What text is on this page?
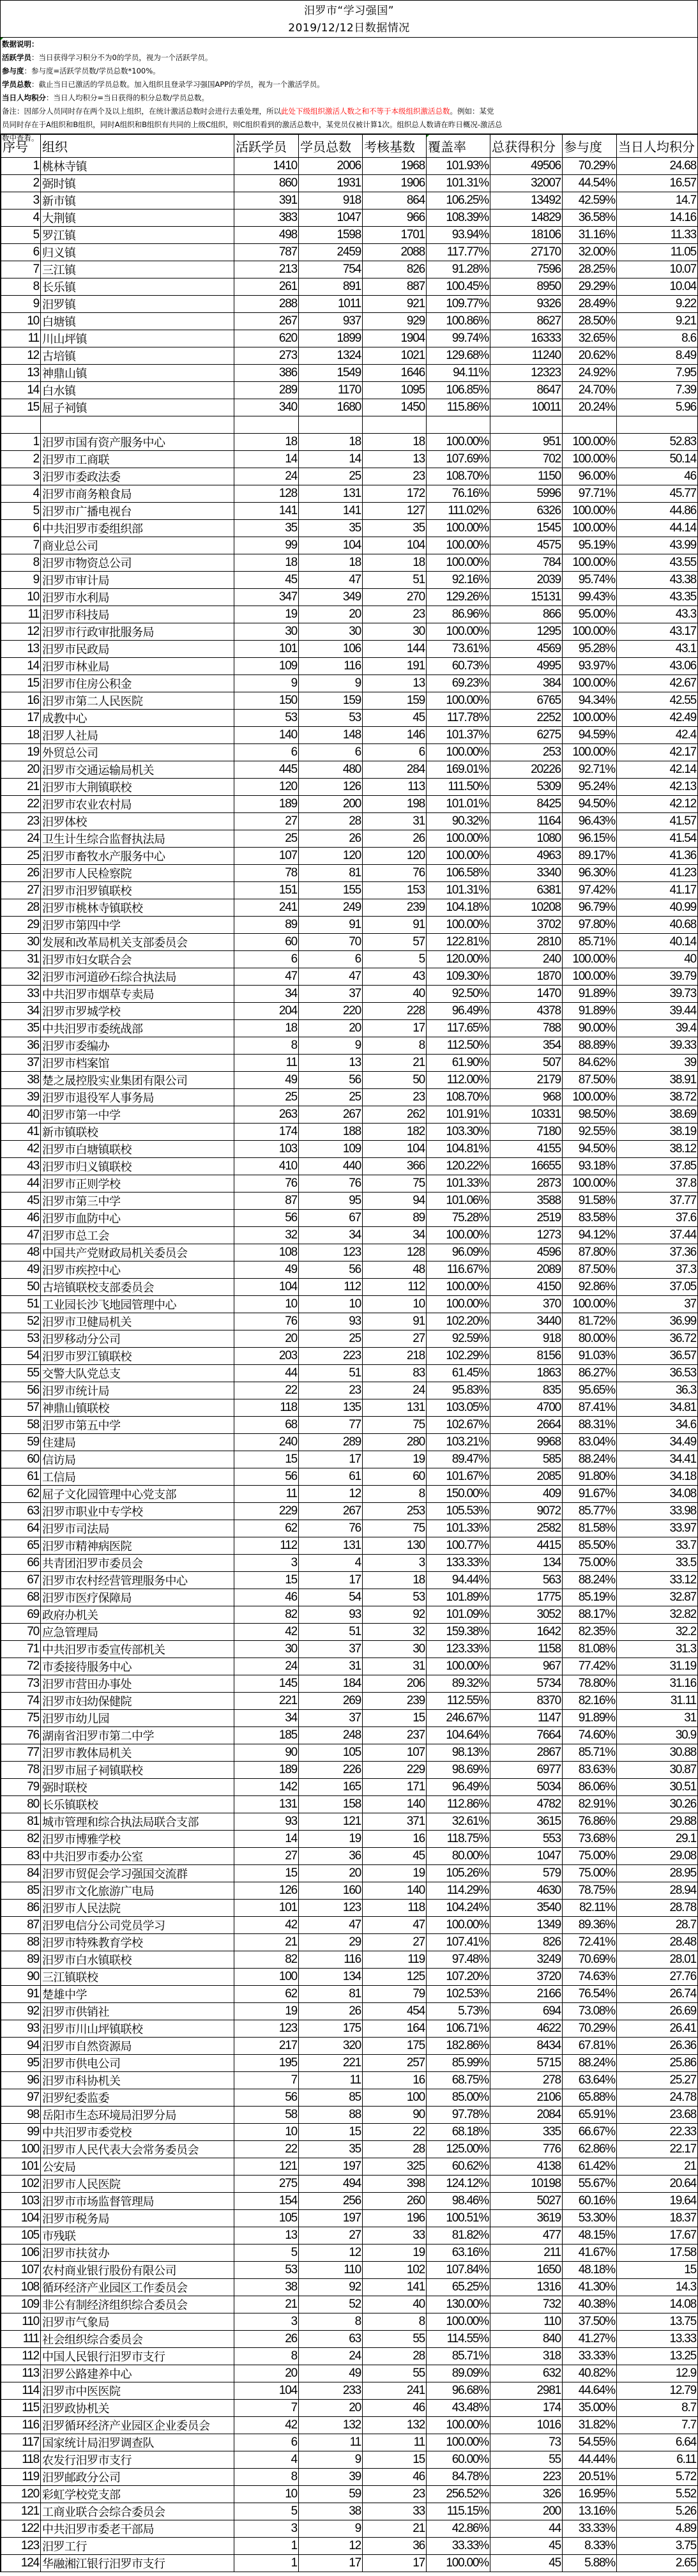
汨罗市“学习强国”
2019/12/12日数据情况
数据说明：
活跃学员：当日获得学习积分不为0的学员，视为一个活跃学员。
参与度：参与度=活跃学员数/学员总数*100%。
学员总数：截止当日已激活的学员总数。加入组织且登录学习强国APP的学员，视为一个激活学员。
当日人均积分：当日人均积分=当日获得的积分总数/学员总数。
备注：因部分人员同时存在两个及以上组织，在统计激活总数时会进行去重处理，所以此处下级组织激活人数之和不等于本级组织激活总数。例如：某党
员同时存在于A组织和B组织，同时A组织和B组织有共同的上级C组织，则C组织看到的激活总数中，某党员仅被计算1次。组织总人数请在昨日概况-激活总
数中查看。
序号	组织	活跃学员	学员总数	考核基数	覆盖率	总获得积分	参与度	当日人均积分
1	桃林寺镇	1410	2006	1968	101.93%	49506	70.29%	24.68
2	弼时镇	860	1931	1906	101.31%	32007	44.54%	16.57
3	新市镇	391	918	864	106.25%	13492	42.59%	14.7
4	大荆镇	383	1047	966	108.39%	14829	36.58%	14.16
5	罗江镇	498	1598	1701	93.94%	18106	31.16%	11.33
6	归义镇	787	2459	2088	117.77%	27170	32.00%	11.05
7	三江镇	213	754	826	91.28%	7596	28.25%	10.07
8	长乐镇	261	891	887	100.45%	8950	29.29%	10.04
9	汨罗镇	288	1011	921	109.77%	9326	28.49%	9.22
10	白塘镇	267	937	929	100.86%	8627	28.50%	9.21
11	川山坪镇	620	1899	1904	99.74%	16333	32.65%	8.6
12	古培镇	273	1324	1021	129.68%	11240	20.62%	8.49
13	神鼎山镇	386	1549	1646	94.11%	12323	24.92%	7.95
14	白水镇	289	1170	1095	106.85%	8647	24.70%	7.39
15	屈子祠镇	340	1680	1450	115.86%	10011	20.24%	5.96

1	汨罗市国有资产服务中心	18	18	18	100.00%	951	100.00%	52.83
2	汨罗市工商联	14	14	13	107.69%	702	100.00%	50.14
3	汨罗市委政法委	24	25	23	108.70%	1150	96.00%	46
4	汨罗市商务粮食局	128	131	172	76.16%	5996	97.71%	45.77
5	汨罗市广播电视台	141	141	127	111.02%	6326	100.00%	44.86
6	中共汨罗市委组织部	35	35	35	100.00%	1545	100.00%	44.14
7	商业总公司	99	104	104	100.00%	4575	95.19%	43.99
8	汨罗市物资总公司	18	18	18	100.00%	784	100.00%	43.55
9	汨罗市审计局	45	47	51	92.16%	2039	95.74%	43.38
10	汨罗市水利局	347	349	270	129.26%	15131	99.43%	43.35
11	汨罗市科技局	19	20	23	86.96%	866	95.00%	43.3
12	汨罗市行政审批服务局	30	30	30	100.00%	1295	100.00%	43.17
13	汨罗市民政局	101	106	144	73.61%	4569	95.28%	43.1
14	汨罗市林业局	109	116	191	60.73%	4995	93.97%	43.06
15	汨罗市住房公积金	9	9	13	69.23%	384	100.00%	42.67
16	汨罗市第二人民医院	150	159	159	100.00%	6765	94.34%	42.55
17	成教中心	53	53	45	117.78%	2252	100.00%	42.49
18	汨罗人社局	140	148	146	101.37%	6275	94.59%	42.4
19	外贸总公司	6	6	6	100.00%	253	100.00%	42.17
20	汨罗市交通运输局机关	445	480	284	169.01%	20226	92.71%	42.14
21	汨罗市大荆镇联校	120	126	113	111.50%	5309	95.24%	42.13
22	汨罗市农业农村局	189	200	198	101.01%	8425	94.50%	42.12
23	汨罗体校	27	28	31	90.32%	1164	96.43%	41.57
24	卫生计生综合监督执法局	25	26	26	100.00%	1080	96.15%	41.54
25	汨罗市畜牧水产服务中心	107	120	120	100.00%	4963	89.17%	41.36
26	汨罗市人民检察院	78	81	76	106.58%	3340	96.30%	41.23
27	汨罗市汨罗镇联校	151	155	153	101.31%	6381	97.42%	41.17
28	汨罗市桃林寺镇联校	241	249	239	104.18%	10208	96.79%	40.99
29	汨罗市第四中学	89	91	91	100.00%	3702	97.80%	40.68
30	发展和改革局机关支部委员会	60	70	57	122.81%	2810	85.71%	40.14
31	汨罗市妇女联合会	6	6	5	120.00%	240	100.00%	40
32	汨罗市河道砂石综合执法局	47	47	43	109.30%	1870	100.00%	39.79
33	中共汨罗市烟草专卖局	34	37	40	92.50%	1470	91.89%	39.73
34	汨罗市罗城学校	204	220	228	96.49%	4378	91.89%	39.44
35	中共汨罗市委统战部	18	20	17	117.65%	788	90.00%	39.4
36	汨罗市委编办	8	9	8	112.50%	354	88.89%	39.33
37	汨罗市档案馆	11	13	21	61.90%	507	84.62%	39
38	楚之晟控股实业集团有限公司	49	56	50	112.00%	2179	87.50%	38.91
39	汨罗市退役军人事务局	25	25	23	108.70%	968	100.00%	38.72
40	汨罗市第一中学	263	267	262	101.91%	10331	98.50%	38.69
41	新市镇联校	174	188	182	103.30%	7180	92.55%	38.19
42	汨罗市白塘镇联校	103	109	104	104.81%	4155	94.50%	38.12
43	汨罗市归义镇联校	410	440	366	120.22%	16655	93.18%	37.85
44	汨罗市正则学校	76	76	75	101.33%	2873	100.00%	37.8
45	汨罗市第三中学	87	95	94	101.06%	3588	91.58%	37.77
46	汨罗市血防中心	56	67	89	75.28%	2519	83.58%	37.6
47	汨罗市总工会	32	34	34	100.00%	1273	94.12%	37.44
48	中国共产党财政局机关委员会	108	123	128	96.09%	4596	87.80%	37.36
49	汨罗市疾控中心	49	56	48	116.67%	2089	87.50%	37.3
50	古培镇联校支部委员会	104	112	112	100.00%	4150	92.86%	37.05
51	工业园长沙飞地园管理中心	10	10	10	100.00%	370	100.00%	37
52	汨罗市卫健局机关	76	93	91	102.20%	3440	81.72%	36.99
53	汨罗移动分公司	20	25	27	92.59%	918	80.00%	36.72
54	汨罗市罗江镇联校	203	223	218	102.29%	8156	91.03%	36.57
55	交警大队党总支	44	51	83	61.45%	1863	86.27%	36.53
56	汨罗市统计局	22	23	24	95.83%	835	95.65%	36.3
57	神鼎山镇联校	118	135	131	103.05%	4700	87.41%	34.81
58	汨罗市第五中学	68	77	75	102.67%	2664	88.31%	34.6
59	住建局	240	289	280	103.21%	9968	83.04%	34.49
60	信访局	15	17	19	89.47%	585	88.24%	34.41
61	工信局	56	61	60	101.67%	2085	91.80%	34.18
62	屈子文化园管理中心党支部	11	12	8	150.00%	409	91.67%	34.08
63	汨罗市职业中专学校	229	267	253	105.53%	9072	85.77%	33.98
64	汨罗市司法局	62	76	75	101.33%	2582	81.58%	33.97
65	汨罗市精神病医院	112	131	130	100.77%	4415	85.50%	33.7
66	共青团汨罗市委员会	3	4	3	133.33%	134	75.00%	33.5
67	汨罗市农村经营管理服务中心	15	17	18	94.44%	563	88.24%	33.12
68	汨罗市医疗保障局	46	54	53	101.89%	1775	85.19%	32.87
69	政府办机关	82	93	92	101.09%	3052	88.17%	32.82
70	应急管理局	42	51	32	159.38%	1642	82.35%	32.2
71	中共汨罗市委宣传部机关	30	37	30	123.33%	1158	81.08%	31.3
72	市委接待服务中心	24	31	31	100.00%	967	77.42%	31.19
73	汨罗市营田办事处	145	184	206	89.32%	5734	78.80%	31.16
74	汨罗市妇幼保健院	221	269	239	112.55%	8370	82.16%	31.11
75	汨罗市幼儿园	34	37	15	246.67%	1147	91.89%	31
76	湖南省汨罗市第二中学	185	248	237	104.64%	7664	74.60%	30.9
77	汨罗市教体局机关	90	105	107	98.13%	2867	85.71%	30.88
78	汨罗市屈子祠镇联校	189	226	229	98.69%	6977	83.63%	30.87
79	弼时联校	142	165	171	96.49%	5034	86.06%	30.51
80	长乐镇联校	131	158	140	112.86%	4782	82.91%	30.26
81	城市管理和综合执法局联合支部	93	121	371	32.61%	3615	76.86%	29.88
82	汨罗市博雅学校	14	19	16	118.75%	553	73.68%	29.1
83	中共汨罗市委办公室	27	36	45	80.00%	1047	75.00%	29.08
84	汨罗市贸促会学习强国交流群	15	20	19	105.26%	579	75.00%	28.95
85	汨罗市文化旅游广电局	126	160	140	114.29%	4630	78.75%	28.94
86	汨罗市人民法院	101	123	118	104.24%	3540	82.11%	28.78
87	汨罗电信分公司党员学习	42	47	47	100.00%	1349	89.36%	28.7
88	汨罗市特殊教育学校	21	29	27	107.41%	826	72.41%	28.48
89	汨罗市白水镇联校	82	116	119	97.48%	3249	70.69%	28.01
90	三江镇联校	100	134	125	107.20%	3720	74.63%	27.76
91	楚雄中学	62	81	79	102.53%	2166	76.54%	26.74
92	汨罗市供销社	19	26	454	5.73%	694	73.08%	26.69
93	汨罗市川山坪镇联校	123	175	164	106.71%	4622	70.29%	26.41
94	汨罗市自然资源局	217	320	175	182.86%	8434	67.81%	26.36
95	汨罗市供电公司	195	221	257	85.99%	5715	88.24%	25.86
96	汨罗市科协机关	7	11	16	68.75%	278	63.64%	25.27
97	汨罗纪委监委	56	85	100	85.00%	2106	65.88%	24.78
98	岳阳市生态环境局汨罗分局	58	88	90	97.78%	2084	65.91%	23.68
99	中共汨罗市委党校	10	15	22	68.18%	335	66.67%	22.33
100	汨罗市人民代表大会常务委员会	22	35	28	125.00%	776	62.86%	22.17
101	公安局	121	197	325	60.62%	4138	61.42%	21
102	汨罗市人民医院	275	494	398	124.12%	10198	55.67%	20.64
103	汨罗市市场监督管理局	154	256	260	98.46%	5027	60.16%	19.64
104	汨罗市税务局	105	197	196	100.51%	3619	53.30%	18.37
105	市残联	13	27	33	81.82%	477	48.15%	17.67
106	汨罗市扶贫办	5	12	19	63.16%	211	41.67%	17.58
107	农村商业银行股份有限公司	53	110	102	107.84%	1650	48.18%	15
108	循环经济产业园区工作委员会	38	92	141	65.25%	1316	41.30%	14.3
109	非公有制经济组织综合委员会	21	52	40	130.00%	732	40.38%	14.08
110	汨罗市气象局	3	8	8	100.00%	110	37.50%	13.75
111	社会组织综合委员会	26	63	55	114.55%	840	41.27%	13.33
112	中国人民银行汨罗市支行	8	24	28	85.71%	318	33.33%	13.25
113	汨罗公路建养中心	20	49	55	89.09%	632	40.82%	12.9
114	汨罗市中医医院	104	233	241	96.68%	2981	44.64%	12.79
115	汨罗政协机关	7	20	46	43.48%	174	35.00%	8.7
116	汨罗循环经济产业园区企业委员会	42	132	132	100.00%	1016	31.82%	7.7
117	国家统计局汨罗调查队	6	11	11	100.00%	73	54.55%	6.64
118	农发行汨罗市支行	4	9	15	60.00%	55	44.44%	6.11
119	汨罗邮政分公司	8	39	46	84.78%	223	20.51%	5.72
120	彩虹学校党支部	10	59	23	256.52%	326	16.95%	5.52
121	工商业联合会综合委员会	5	38	33	115.15%	200	13.16%	5.26
122	中共汨罗市委老干部局	3	9	21	42.86%	44	33.33%	4.89
123	汨罗工行	1	12	36	33.33%	45	8.33%	3.75
124	华融湘江银行汨罗市支行	1	17	17	100.00%	45	5.88%	2.65
